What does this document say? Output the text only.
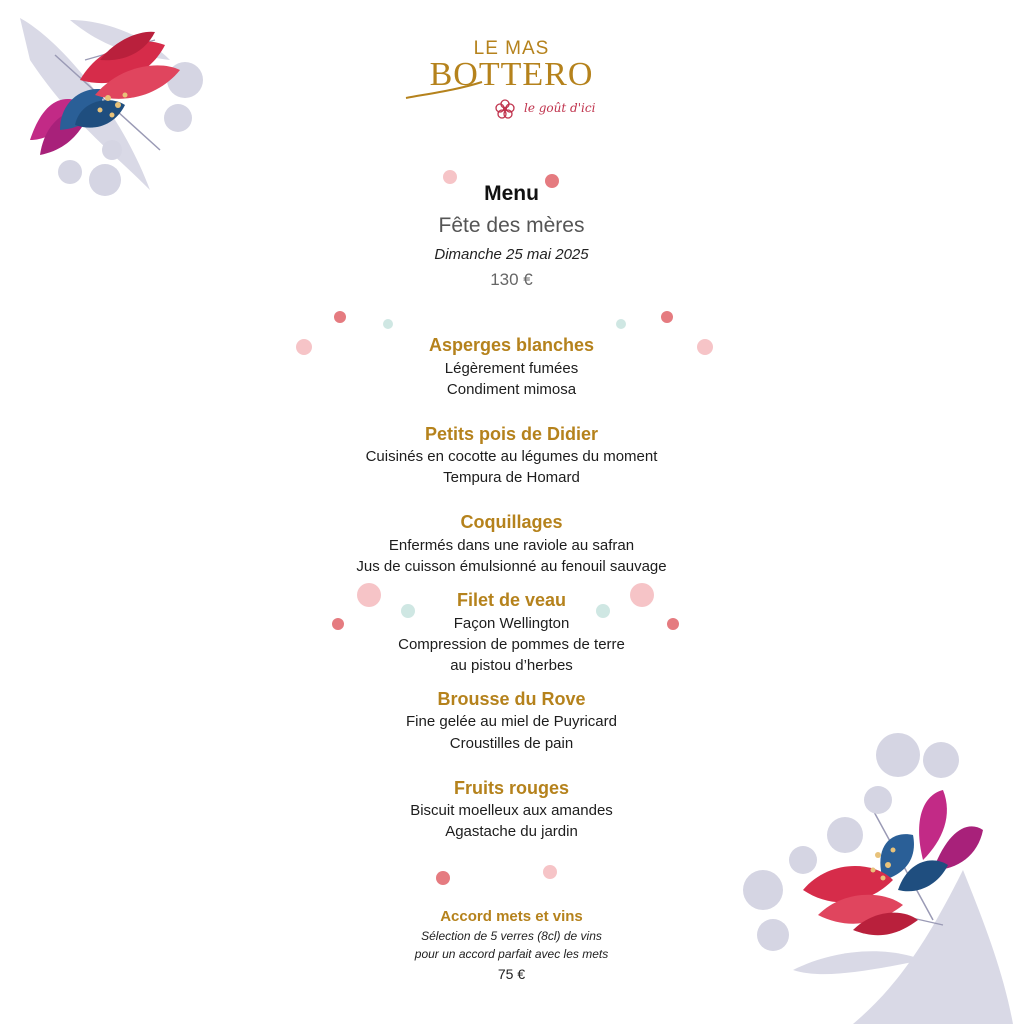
LE MAS
BOTTERO
le goût d'ici
Menu
Fête des mères
Dimanche 25 mai 2025
130 €
Asperges blanches
Légèrement fumées
Condiment mimosa
Petits pois de Didier
Cuisinés en cocotte au légumes du moment
Tempura de Homard
Coquillages
Enfermés dans une raviole au safran
Jus de cuisson émulsionné au fenouil sauvage
Filet de veau
Façon Wellington
Compression de pommes de terre
au pistou d’herbes
Brousse du Rove
Fine gelée au miel de Puyricard
Croustilles de pain
Fruits rouges
Biscuit moelleux aux amandes
Agastache du jardin
Accord mets et vins
Sélection de 5 verres (8cl) de vins
pour un accord parfait avec les mets
75 €
